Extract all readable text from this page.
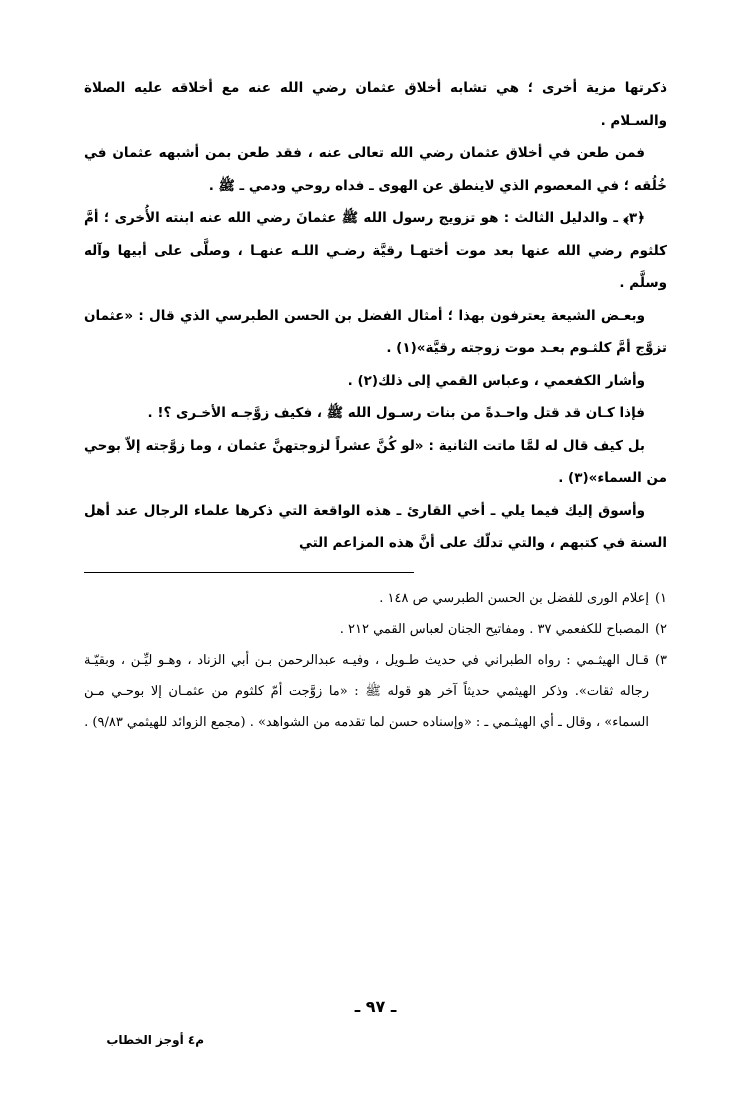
ذكرتها مزية أخرى ؛ هي تشابه أخلاق عثمان رضي الله عنه مع أخلاقه عليه الصلاة والسـلام .

فمن طعن في أخلاق عثمان رضي الله تعالى عنه ، فقد طعن بمن أشبهه عثمان في خُلُقه ؛ في المعصوم الذي لاينطق عن الهوى ـ فداه روحي ودمي ـ ﷺ .

﴿٣﴾ ـ والدليل الثالث : هو تزويج رسول الله ﷺ عثمانَ رضي الله عنه ابنته الأُخرى ؛ أمَّ كلثوم رضي الله عنها بعد موت أختهـا رقيَّة رضـي اللـه عنهـا ، وصلَّى على أبيها وآله وسلَّم .

وبعـض الشيعة يعترفون بهذا ؛ أمثال الفضل بن الحسن الطبرسي الذي قال : «عثمان تزوَّج أمَّ كلثـوم بعـد موت زوجته رقيَّة»(١) .

وأشار الكفعمي ، وعباس القمي إلى ذلك(٢) .

فإذا كـان قد قتل واحـدةً من بنات رسـول الله ﷺ ، فكيف زوَّجـه الأخـرى ؟! .

بل كيف قال له لمَّا ماتت الثانية : «لو كُنَّ عشراً لزوجتهنَّ عثمان ، وما زوَّجته إلاّ بوحي من السماء»(٣) .

وأسوق إليك فيما يلي ـ أخي القارئ ـ هذه الواقعة التي ذكرها علماء الرجال عند أهل السنة في كتبهم ، والتي تدلّك على أنَّ هذه المزاعم التي

١)
إعلام الورى للفضل بن الحسن الطبرسي ص ١٤٨ .

٢)
المصباح للكفعمي ٣٧ . ومفاتيح الجنان لعباس القمي ٢١٢ .

٣)
قـال الهيثـمي : رواه الطبراني في حديث طـويل ، وفيـه عبدالرحمن بـن أبي الزناد ، وهـو ليِّـن ، وبقيّـة رجاله ثقات». وذكر الهيثمي حديثاً آخر هو قوله ﷺ : «ما زوَّجت أمّ كلثوم من عثمـان إلا بوحـي مـن السماء» ، وقال ـ أي الهيثـمي ـ : «وإسناده حسن لما تقدمه من الشواهد» . (مجمع الزوائد للهيثمي ٩/٨٣) .

ـ ٩٧ ـ
م٤ أوجز الخطاب
